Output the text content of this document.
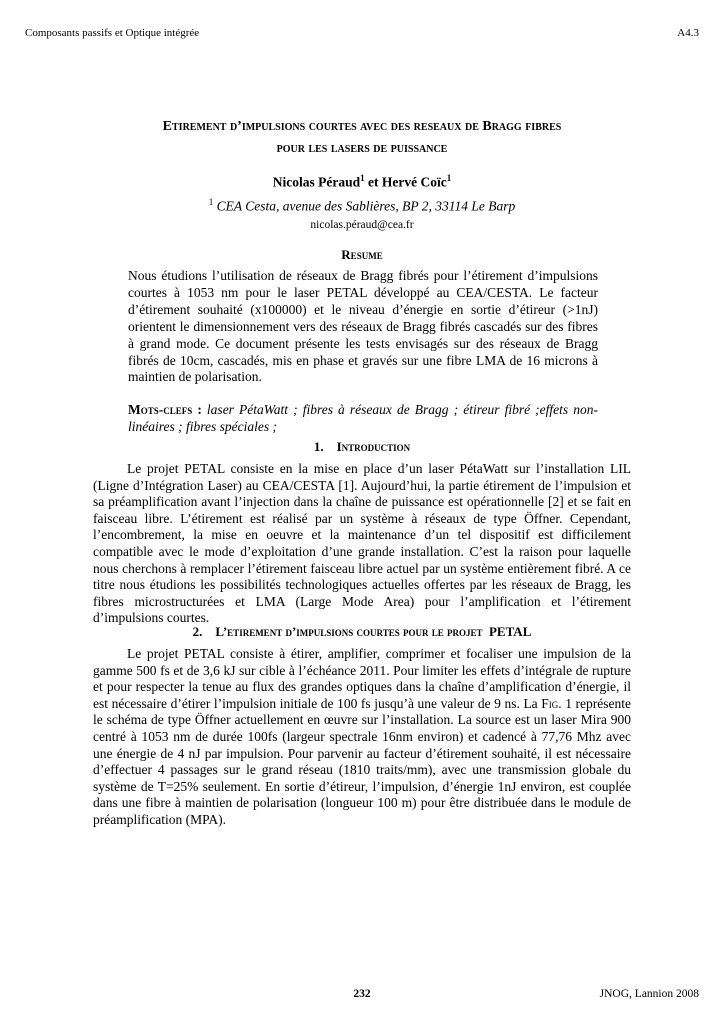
Composants passifs et Optique intégrée	A4.3
Etirement d’impulsions courtes avec des reseaux de Bragg fibres
pour les lasers de puissance
Nicolas Péraud$^1$ et Hervé Coïc$^1$
$^1$ CEA Cesta, avenue des Sablières, BP 2, 33114 Le Barp
nicolas.péraud@cea.fr
Resume

Nous étudions l’utilisation de réseaux de Bragg fibrés pour l’étirement d’impulsions courtes à 1053 nm pour le laser PETAL développé au CEA/CESTA. Le facteur d’étirement souhaité (x100000) et le niveau d’énergie en sortie d’étireur (>1nJ) orientent le dimensionnement vers des réseaux de Bragg fibrés cascadés sur des fibres à grand mode. Ce document présente les tests envisagés sur des réseaux de Bragg fibrés de 10cm, cascadés, mis en phase et gravés sur une fibre LMA de 16 microns à maintien de polarisation.

Mots-clefs : laser PétaWatt ; fibres à réseaux de Bragg ; étireur fibré ;effets non-linéaires ; fibres spéciales ;

1. Introduction

Le projet PETAL consiste en la mise en place d’un laser PétaWatt sur l’installation LIL (Ligne d’Intégration Laser) au CEA/CESTA [1]. Aujourd’hui, la partie étirement de l’impulsion et sa préamplification avant l’injection dans la chaîne de puissance est opérationnelle [2] et se fait en faisceau libre. L’étirement est réalisé par un système à réseaux de type Öffner. Cependant, l’encombrement, la mise en oeuvre et la maintenance d’un tel dispositif est difficilement compatible avec le mode d’exploitation d’une grande installation. C’est la raison pour laquelle nous cherchons à remplacer l’étirement faisceau libre actuel par un système entièrement fibré. A ce titre nous étudions les possibilités technologiques actuelles offertes par les réseaux de Bragg, les fibres microstructurées et LMA (Large Mode Area) pour l’amplification et l’étirement d’impulsions courtes.

2. L’etirement d’impulsions courtes pour le projet PETAL

Le projet PETAL consiste à étirer, amplifier, comprimer et focaliser une impulsion de la gamme 500 fs et de 3,6 kJ sur cible à l’échéance 2011. Pour limiter les effets d’intégrale de rupture et pour respecter la tenue au flux des grandes optiques dans la chaîne d’amplification d’énergie, il est nécessaire d’étirer l’impulsion initiale de 100 fs jusqu’à une valeur de 9 ns. La Fig. 1 représente le schéma de type Öffner actuellement en œuvre sur l’installation. La source est un laser Mira 900 centré à 1053 nm de durée 100fs (largeur spectrale 16nm environ) et cadencé à 77,76 Mhz avec une énergie de 4 nJ par impulsion. Pour parvenir au facteur d’étirement souhaité, il est nécessaire d’effectuer 4 passages sur le grand réseau (1810 traits/mm), avec une transmission globale du système de T=25% seulement. En sortie d’étireur, l’impulsion, d’énergie 1nJ environ, est couplée dans une fibre à maintien de polarisation (longueur 100 m) pour être distribuée dans le module de préamplification (MPA).

232	JNOG, Lannion 2008
